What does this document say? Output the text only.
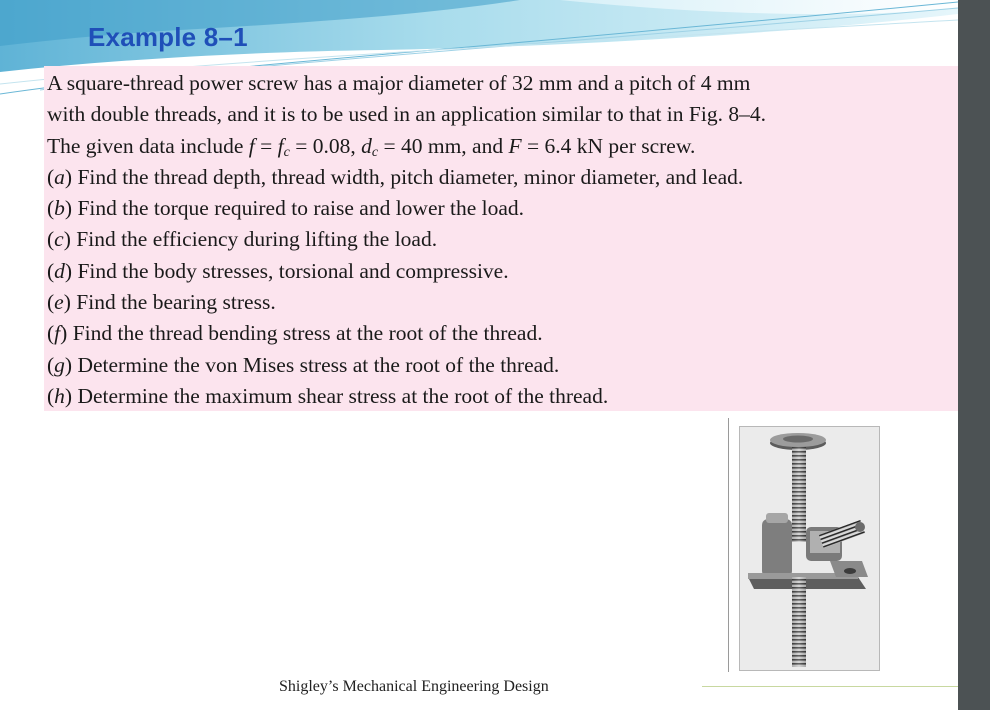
Example 8–1

A square-thread power screw has a major diameter of 32 mm and a pitch of 4 mm

with double threads, and it is to be used in an application similar to that in Fig. 8–4.

The given data include $f = f_c = 0.08$, $d_c = 40$ mm, and F = 6.4 kN per screw.

(a) Find the thread depth, thread width, pitch diameter, minor diameter, and lead.

(b) Find the torque required to raise and lower the load.

(c) Find the efficiency during lifting the load.

(d) Find the body stresses, torsional and compressive.

(e) Find the bearing stress.

(f) Find the thread bending stress at the root of the thread.

(g) Determine the von Mises stress at the root of the thread.

(h) Determine the maximum shear stress at the root of the thread.

Shigley’s Mechanical Engineering Design
